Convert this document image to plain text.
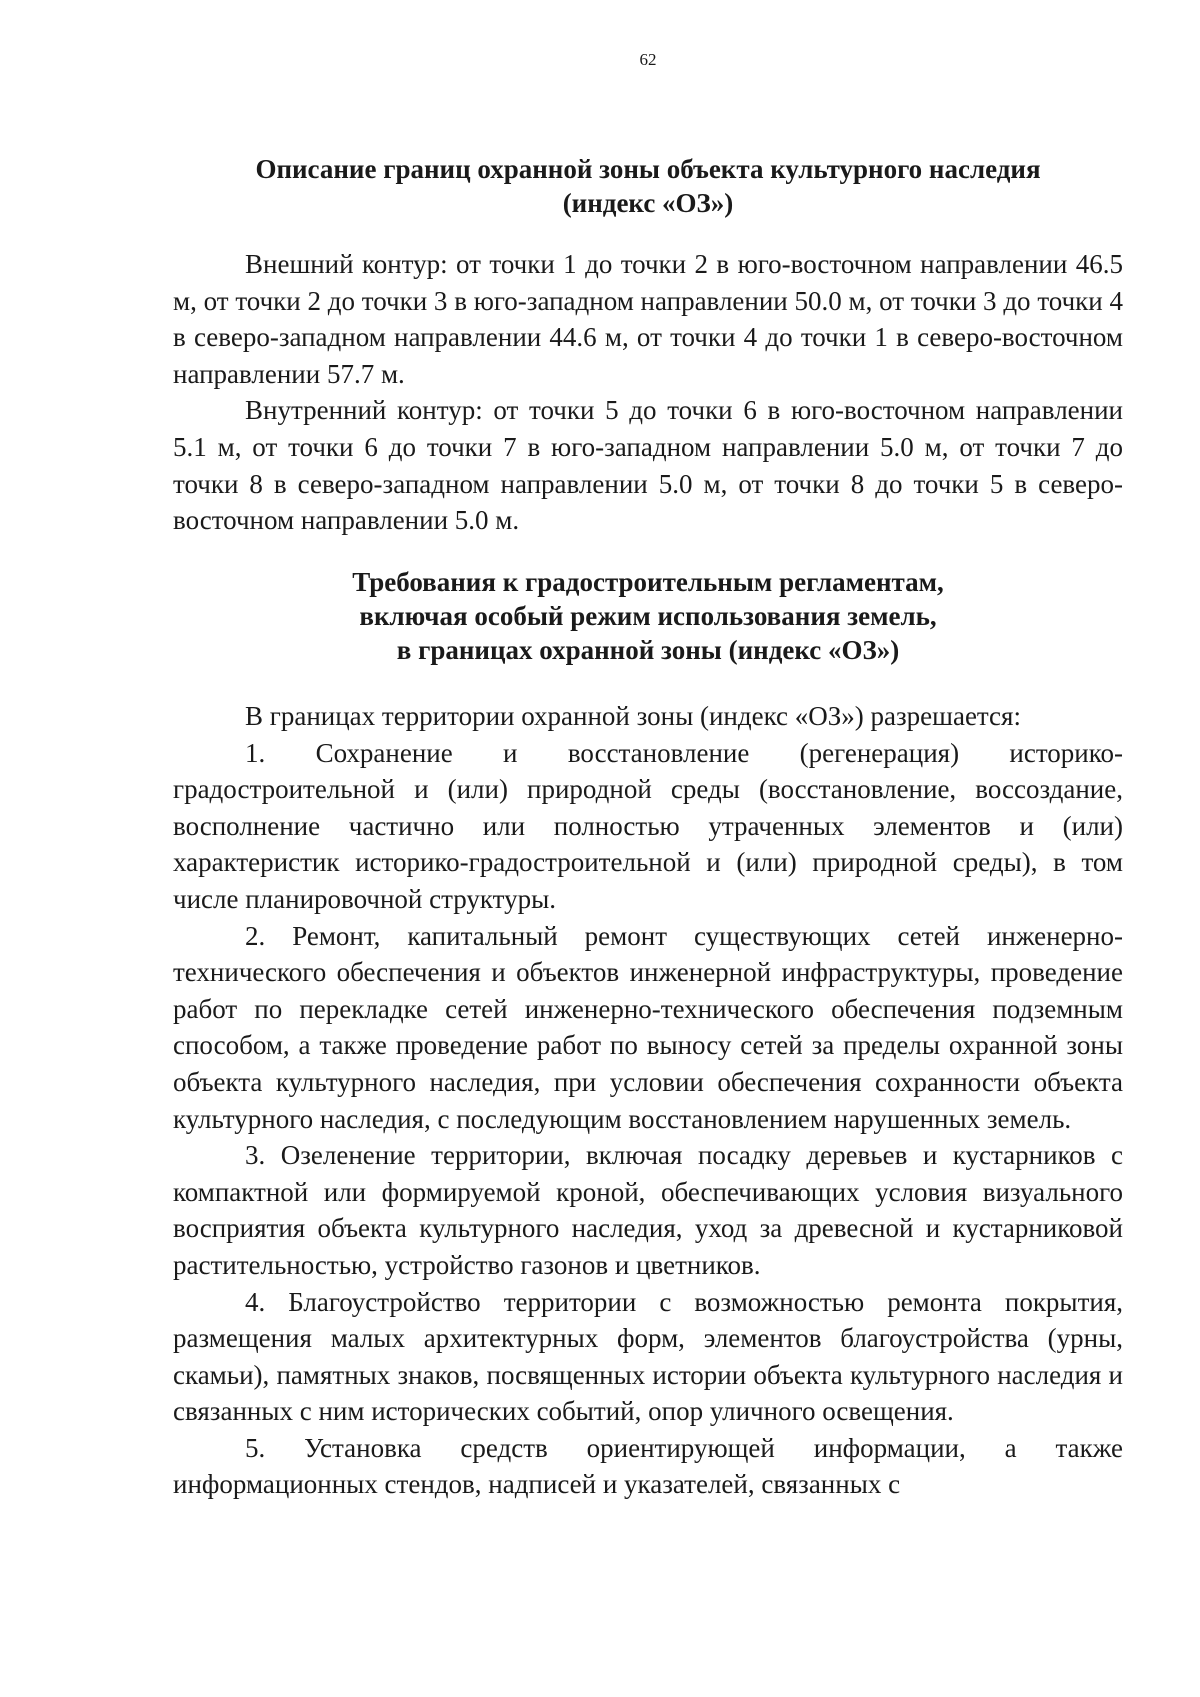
62
Описание границ охранной зоны объекта культурного наследия
(индекс «ОЗ»)

Внешний контур: от точки 1 до точки 2 в юго-восточном направлении 46.5 м, от точки 2 до точки 3 в юго-западном направлении 50.0 м, от точки 3 до точки 4 в северо-западном направлении 44.6 м, от точки 4 до точки 1 в северо-восточном направлении 57.7 м.

Внутренний контур: от точки 5 до точки 6 в юго-восточном направлении 5.1 м, от точки 6 до точки 7 в юго-западном направлении 5.0 м, от точки 7 до точки 8 в северо-западном направлении 5.0 м, от точки 8 до точки 5 в северо-восточном направлении 5.0 м.

Требования к градостроительным регламентам,
включая особый режим использования земель,
в границах охранной зоны (индекс «ОЗ»)

В границах территории охранной зоны (индекс «ОЗ») разрешается:

1. Сохранение и восстановление (регенерация) историко-градостроительной и (или) природной среды (восстановление, воссоздание, восполнение частично или полностью утраченных элементов и (или) характеристик историко-градостроительной и (или) природной среды), в том числе планировочной структуры.

2. Ремонт, капитальный ремонт существующих сетей инженерно-технического обеспечения и объектов инженерной инфраструктуры, проведение работ по перекладке сетей инженерно-технического обеспечения подземным способом, а также проведение работ по выносу сетей за пределы охранной зоны объекта культурного наследия, при условии обеспечения сохранности объекта культурного наследия, с последующим восстановлением нарушенных земель.

3. Озеленение территории, включая посадку деревьев и кустарников с компактной или формируемой кроной, обеспечивающих условия визуального восприятия объекта культурного наследия, уход за древесной и кустарниковой растительностью, устройство газонов и цветников.

4. Благоустройство территории с возможностью ремонта покрытия, размещения малых архитектурных форм, элементов благоустройства (урны, скамьи), памятных знаков, посвященных истории объекта культурного наследия и связанных с ним исторических событий, опор уличного освещения.

5. Установка средств ориентирующей информации, а также информационных стендов, надписей и указателей, связанных с
